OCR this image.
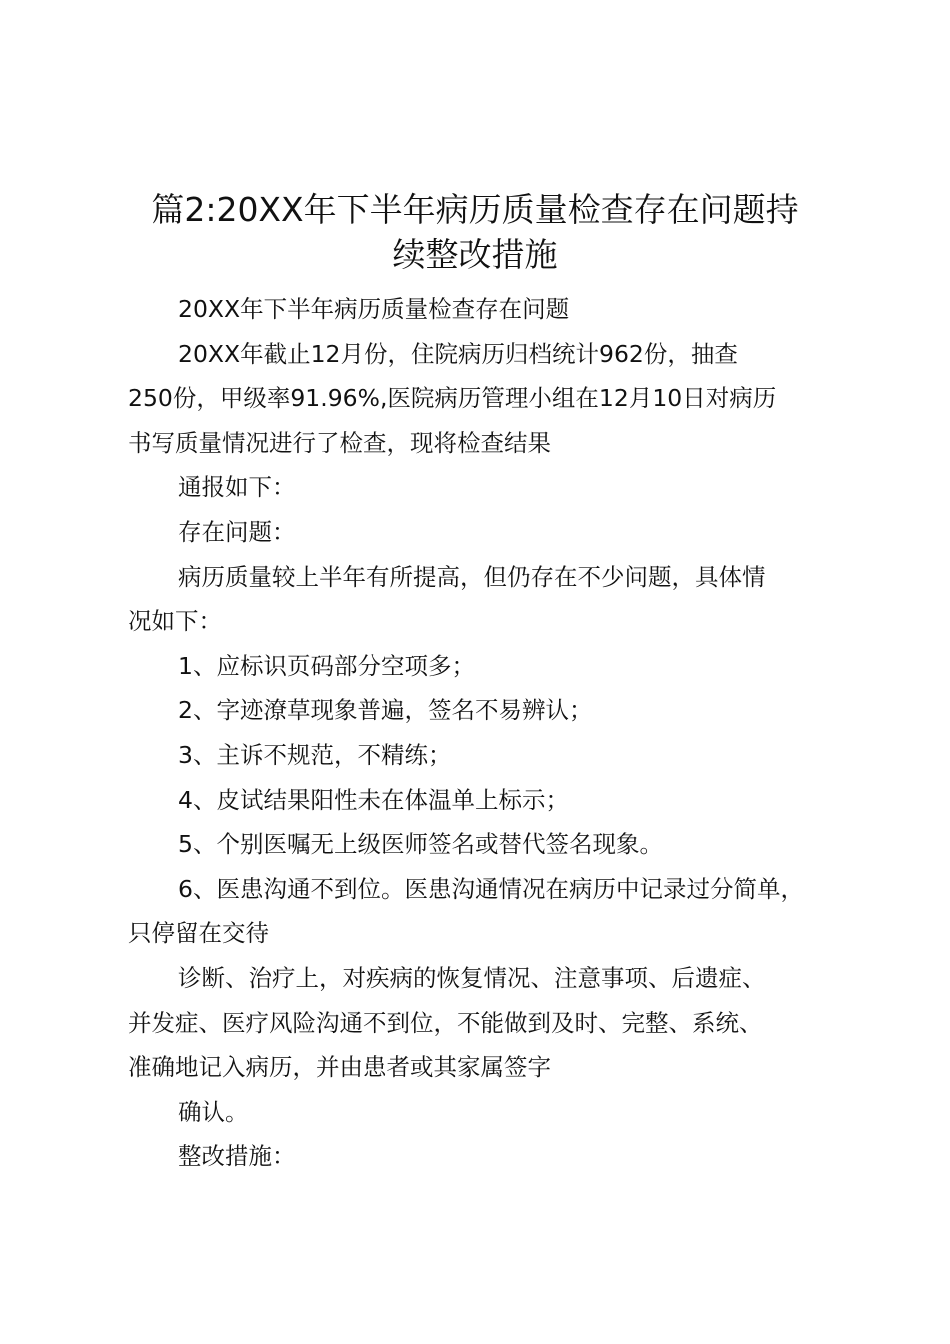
篇2:20XX年下半年病历质量检查存在问题持
续整改措施
20XX年下半年病历质量检查存在问题
20XX年截止12月份，住院病历归档统计962份，抽查
250份，甲级率91.96%,医院病历管理小组在12月10日对病历
书写质量情况进行了检查，现将检查结果
通报如下：
存在问题：
病历质量较上半年有所提高，但仍存在不少问题，具体情
况如下：
1、应标识页码部分空项多；
2、字迹潦草现象普遍，签名不易辨认；
3、主诉不规范，不精练；
4、皮试结果阳性未在体温单上标示；
5、个别医嘱无上级医师签名或替代签名现象。
6、医患沟通不到位。医患沟通情况在病历中记录过分简单，
只停留在交待
诊断、治疗上，对疾病的恢复情况、注意事项、后遗症、
并发症、医疗风险沟通不到位，不能做到及时、完整、系统、
准确地记入病历，并由患者或其家属签字
确认。
整改措施：
